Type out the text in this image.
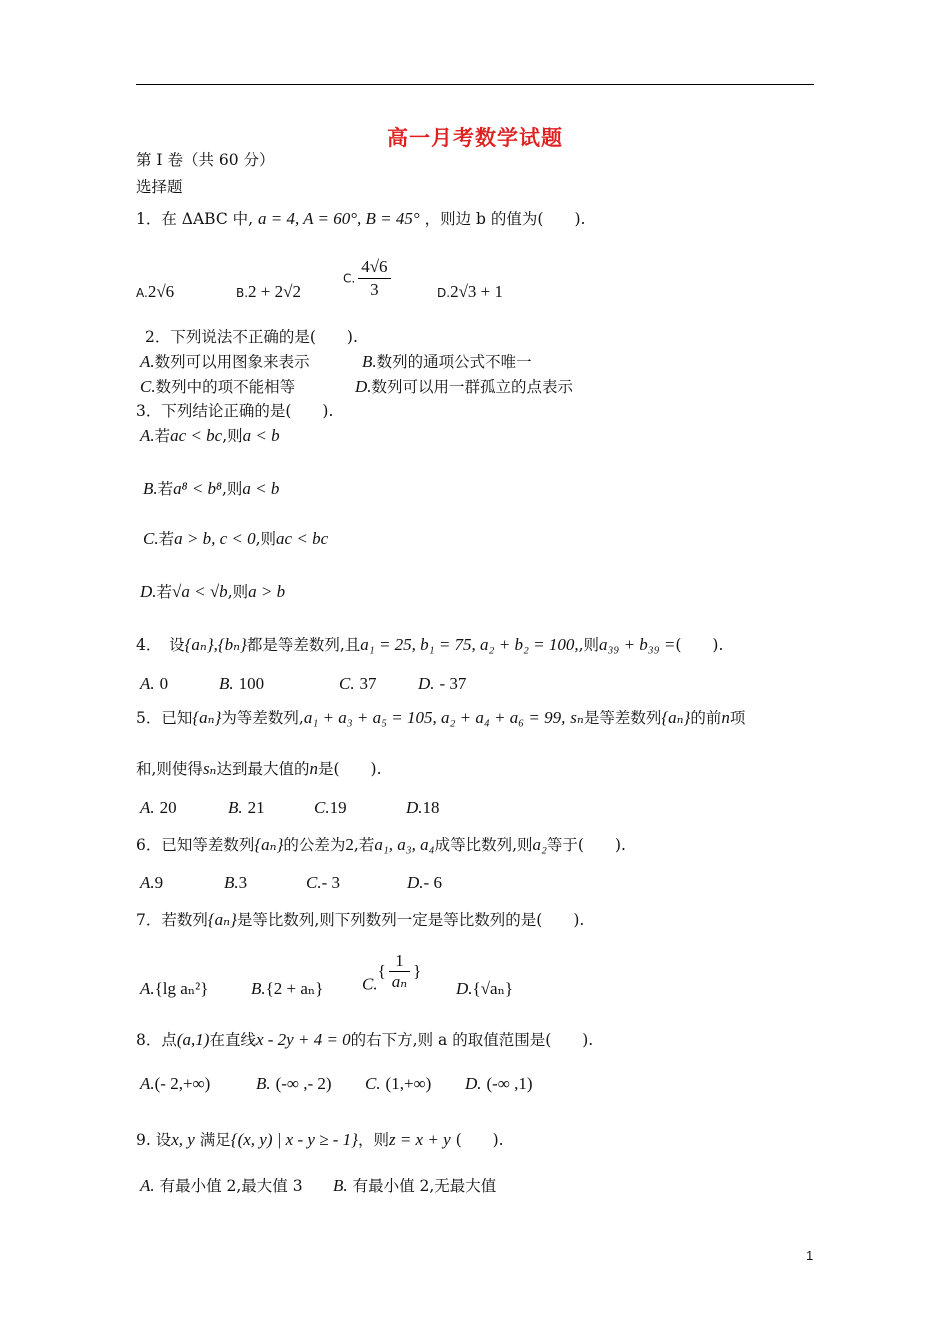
高一月考数学试题
第 I 卷（共 60 分）
选择题
1．在 ΔABC 中, a = 4, A = 60°, B = 45° ，则边 b 的值为(　　).
A.2√6	B.2 + 2√2
C. $\frac{4√6}{3}$	D.2√3 + 1
2．下列说法不正确的是(　　).
A.数列可以用图象来表示	B.数列的通项公式不唯一
C.数列中的项不能相等	D.数列可以用一群孤立的点表示
3．下列结论正确的是(　　).
A.若ac < bc,则a < b
B.若a⁸ < b⁸,则a < b
C.若a > b, c < 0,则ac < bc
D.若√a < √b,则a > b
4．　设{aₙ},{bₙ}都是等差数列,且a₁ = 25, b₁ = 75, a₂ + b₂ = 100,,则a₃₉ + b₃₉ =(　　).
A. 0	B. 100	C. 37 D. - 37
5．已知{aₙ}为等差数列,a₁ + a₃ + a₅ = 105, a₂ + a₄ + a₆ = 99, sₙ是等差数列{aₙ}的前n项
和,则使得sₙ达到最大值的n是(　　).
A. 20	B. 21	C.19	D.18
6．已知等差数列{aₙ}的公差为2,若a₁, a₃, a₄成等比数列,则a₂等于(　　).
A.9	B.3	C.- 3	D.- 6
7．若数列{aₙ}是等比数列,则下列数列一定是等比数列的是(　　).
A.{lg aₙ²}	B.{2 + aₙ} $C.\{ \frac{1}{\text{aₙ}}$ }
D.{√aₙ}
8．点(a,1)在直线x - 2y + 4 = 0的右下方,则 a 的取值范围是(　　).
A.(- 2,+∞)	B. (-∞ ,- 2) C. (1,+∞) D. (-∞ ,1)
9. 设x, y 满足{(x, y) | x - y ≥ - 1}，则z = x + y (　　).
A. 有最小值 2,最大值 3 B. 有最小值 2,无最大值
1
